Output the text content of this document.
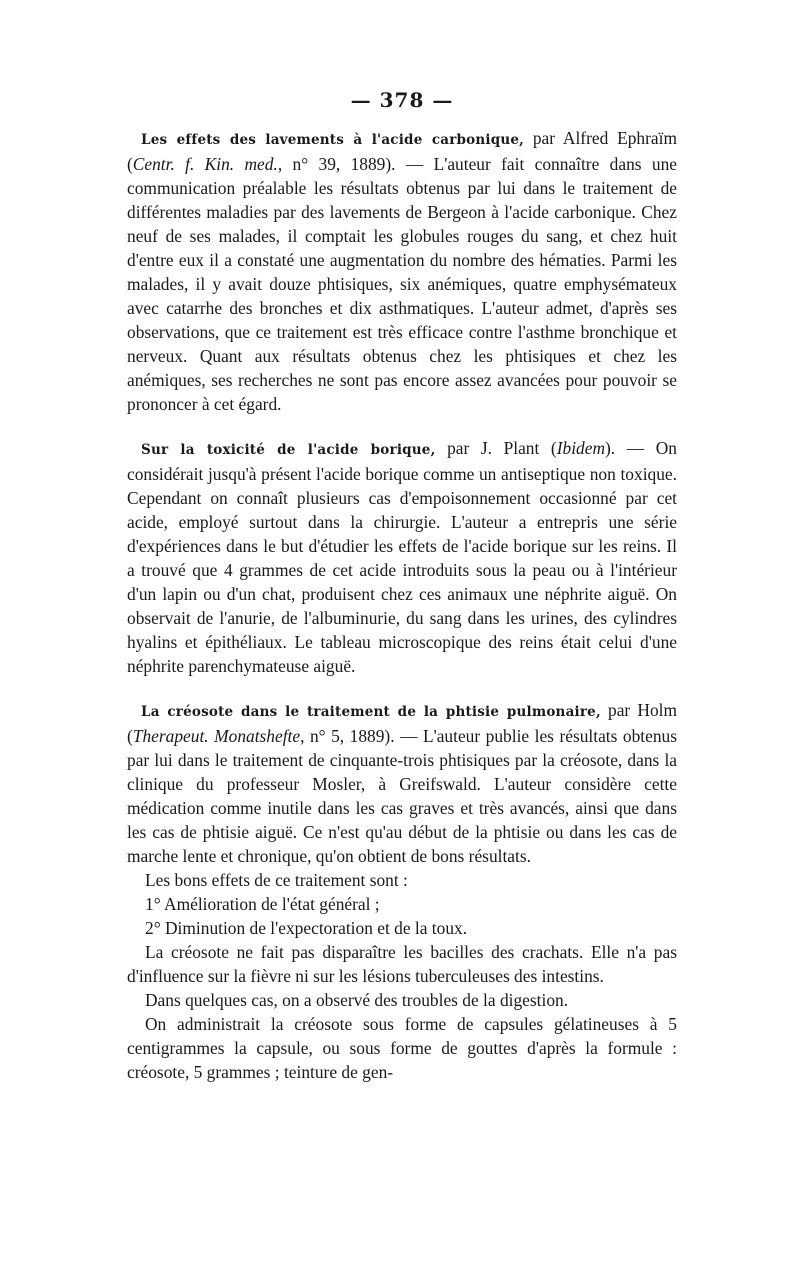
— 378 —

Les effets des lavements à l'acide carbonique, par Alfred Ephraïm (Centr. f. Kin. med., n° 39, 1889). — L'auteur fait connaître dans une communication préalable les résultats obtenus par lui dans le traitement de différentes maladies par des lavements de Bergeon à l'acide carbonique. Chez neuf de ses malades, il comptait les globules rouges du sang, et chez huit d'entre eux il a constaté une augmentation du nombre des hématies. Parmi les malades, il y avait douze phtisiques, six anémiques, quatre emphysémateux avec catarrhe des bronches et dix asthmatiques. L'auteur admet, d'après ses observations, que ce traitement est très efficace contre l'asthme bronchique et nerveux. Quant aux résultats obtenus chez les phtisiques et chez les anémiques, ses recherches ne sont pas encore assez avancées pour pouvoir se prononcer à cet égard.

Sur la toxicité de l'acide borique, par J. Plant (Ibidem). — On considérait jusqu'à présent l'acide borique comme un antiseptique non toxique. Cependant on connaît plusieurs cas d'empoisonnement occasionné par cet acide, employé surtout dans la chirurgie. L'auteur a entrepris une série d'expériences dans le but d'étudier les effets de l'acide borique sur les reins. Il a trouvé que 4 grammes de cet acide introduits sous la peau ou à l'intérieur d'un lapin ou d'un chat, produisent chez ces animaux une néphrite aiguë. On observait de l'anurie, de l'albuminurie, du sang dans les urines, des cylindres hyalins et épithéliaux. Le tableau microscopique des reins était celui d'une néphrite parenchymateuse aiguë.

La créosote dans le traitement de la phtisie pulmonaire, par Holm (Therapeut. Monatshefte, n° 5, 1889). — L'auteur publie les résultats obtenus par lui dans le traitement de cinquante-trois phtisiques par la créosote, dans la clinique du professeur Mosler, à Greifswald. L'auteur considère cette médication comme inutile dans les cas graves et très avancés, ainsi que dans les cas de phtisie aiguë. Ce n'est qu'au début de la phtisie ou dans les cas de marche lente et chronique, qu'on obtient de bons résultats.

Les bons effets de ce traitement sont :

1° Amélioration de l'état général ;

2° Diminution de l'expectoration et de la toux.

La créosote ne fait pas disparaître les bacilles des crachats. Elle n'a pas d'influence sur la fièvre ni sur les lésions tuberculeuses des intestins.

Dans quelques cas, on a observé des troubles de la digestion.

On administrait la créosote sous forme de capsules gélatineuses à 5 centigrammes la capsule, ou sous forme de gouttes d'après la formule : créosote, 5 grammes ; teinture de gen-
